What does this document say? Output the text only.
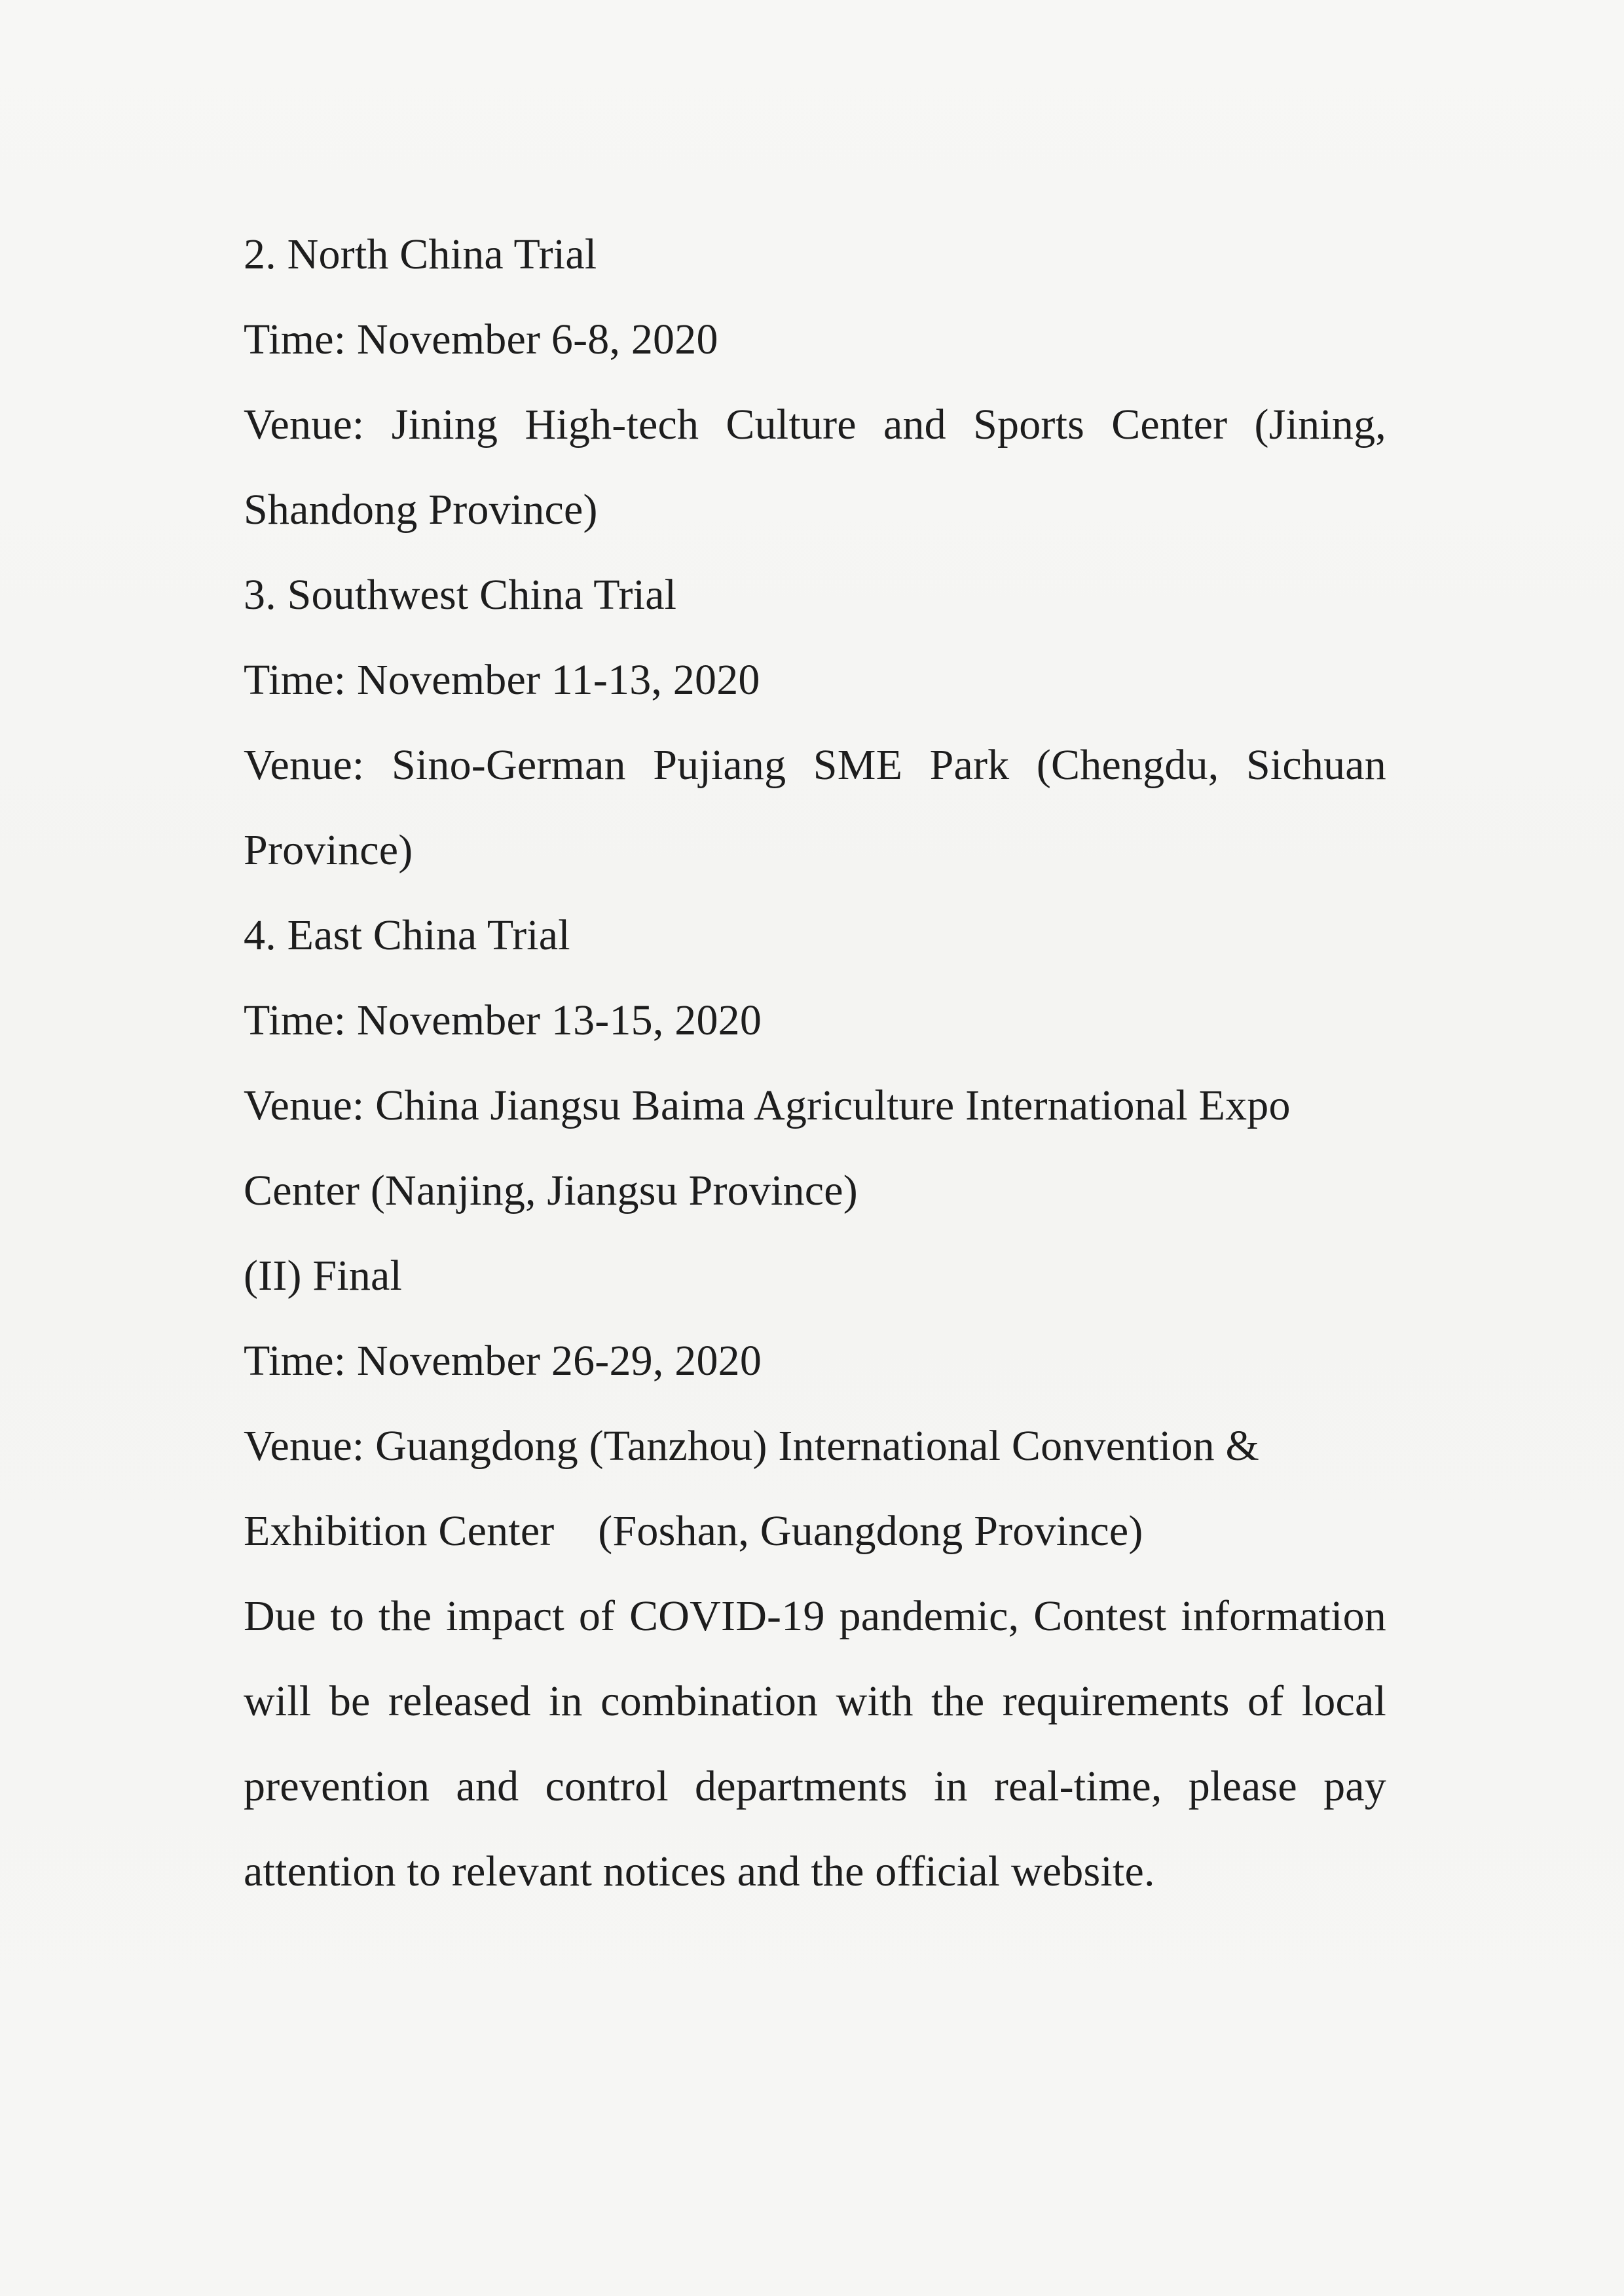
2. North China Trial
Time: November 6-8, 2020
Venue: Jining High-tech Culture and Sports Center (Jining,
Shandong Province)
3. Southwest China Trial
Time: November 11-13, 2020
Venue: Sino-German Pujiang SME Park (Chengdu, Sichuan
Province)
4. East China Trial
Time: November 13-15, 2020
Venue: China Jiangsu Baima Agriculture International Expo
Center (Nanjing, Jiangsu Province)
(II) Final
Time: November 26-29, 2020
Venue: Guangdong (Tanzhou) International Convention &
Exhibition Center    (Foshan, Guangdong Province)
Due to the impact of COVID-19 pandemic, Contest information
will be released in combination with the requirements of local
prevention and control departments in real-time, please pay
attention to relevant notices and the official website.
